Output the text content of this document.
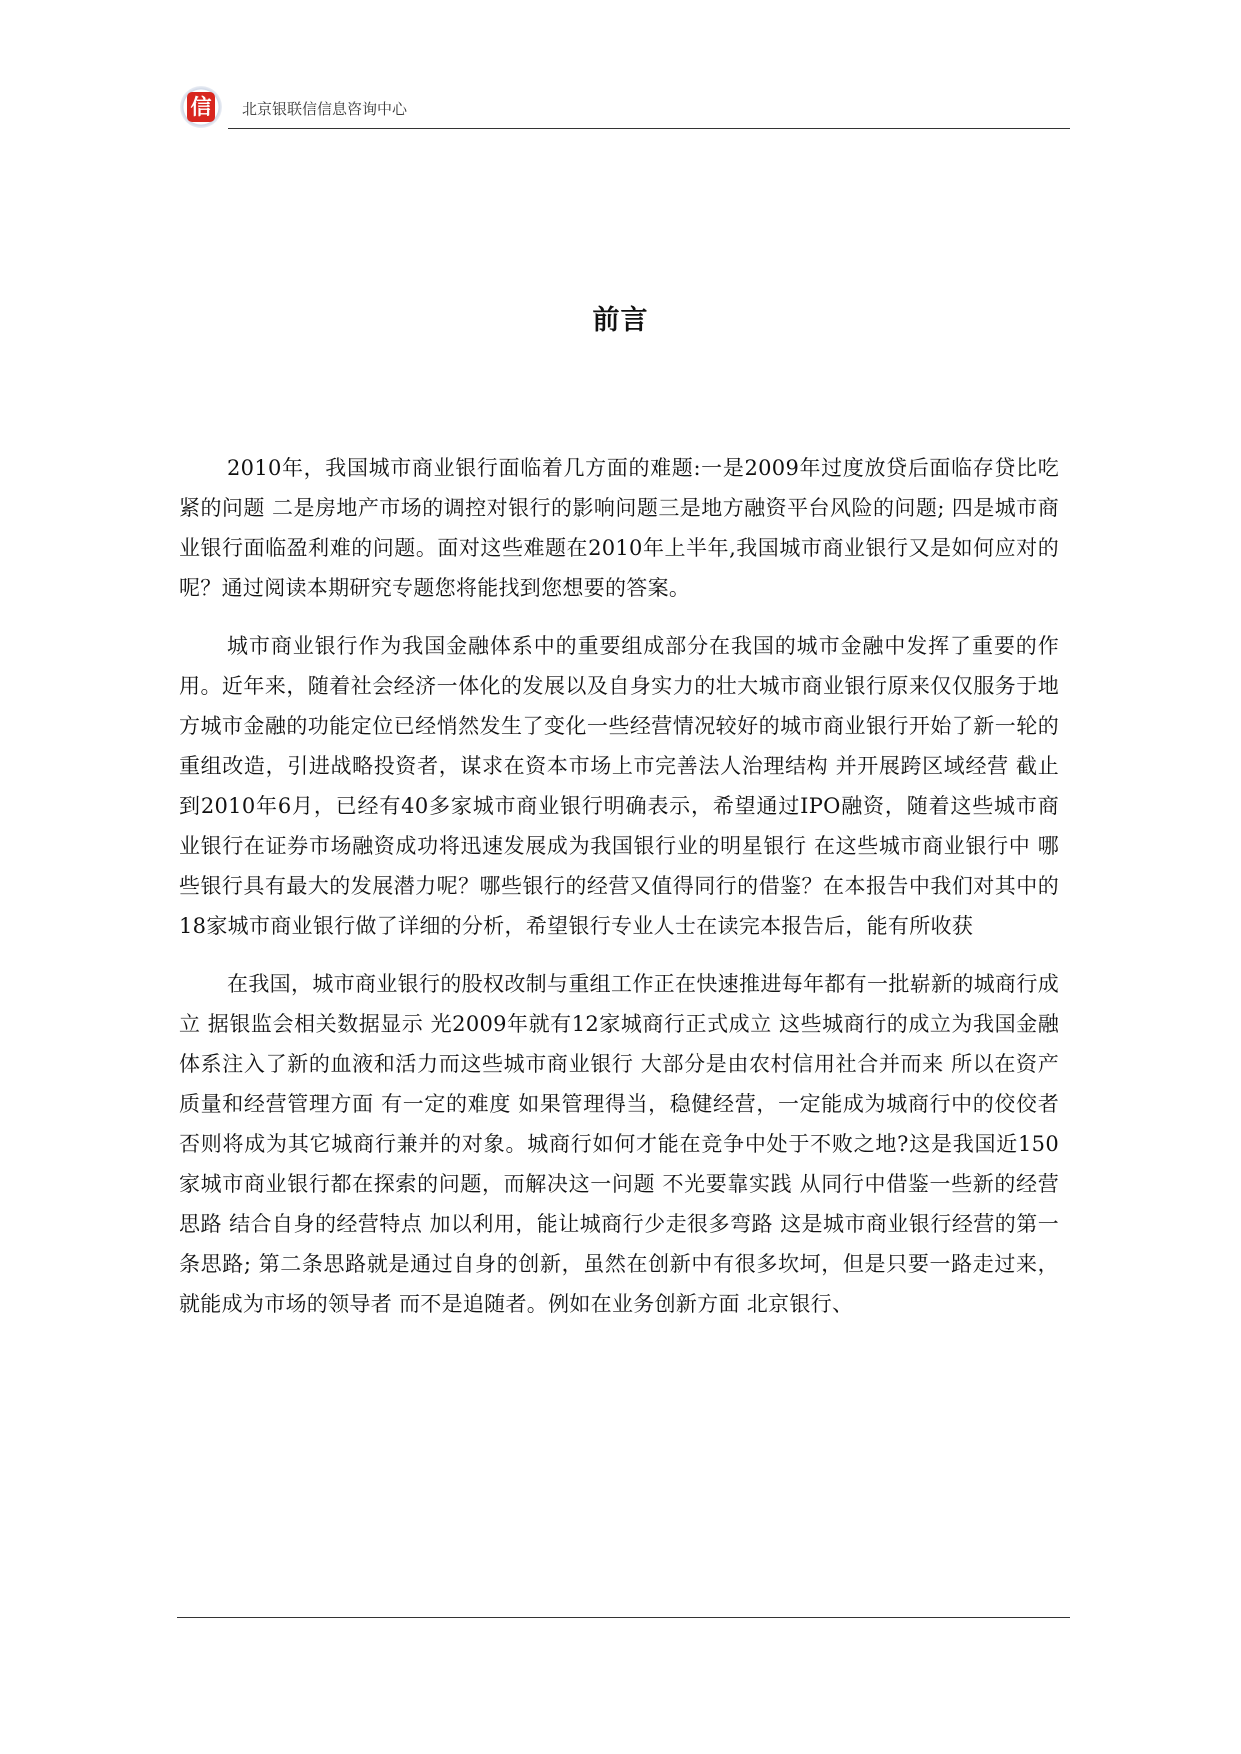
信 北京银联信信息咨询中心
前言

2010年，我国城市商业银行面临着几方面的难题:一是2009年过度放贷后面临存贷比吃紧的问题 二是房地产市场的调控对银行的影响问题三是地方融资平台风险的问题; 四是城市商业银行面临盈利难的问题。面对这些难题在2010年上半年,我国城市商业银行又是如何应对的呢？通过阅读本期研究专题您将能找到您想要的答案。

城市商业银行作为我国金融体系中的重要组成部分在我国的城市金融中发挥了重要的作用。近年来，随着社会经济一体化的发展以及自身实力的壮大城市商业银行原来仅仅服务于地方城市金融的功能定位已经悄然发生了变化一些经营情况较好的城市商业银行开始了新一轮的重组改造，引进战略投资者，谋求在资本市场上市完善法人治理结构 并开展跨区域经营 截止到2010年6月，已经有40多家城市商业银行明确表示，希望通过IPO融资，随着这些城市商业银行在证券市场融资成功将迅速发展成为我国银行业的明星银行 在这些城市商业银行中 哪些银行具有最大的发展潜力呢？哪些银行的经营又值得同行的借鉴？在本报告中我们对其中的18家城市商业银行做了详细的分析，希望银行专业人士在读完本报告后，能有所收获

在我国，城市商业银行的股权改制与重组工作正在快速推进每年都有一批崭新的城商行成立 据银监会相关数据显示 光2009年就有12家城商行正式成立 这些城商行的成立为我国金融体系注入了新的血液和活力而这些城市商业银行 大部分是由农村信用社合并而来 所以在资产质量和经营管理方面 有一定的难度 如果管理得当，稳健经营，一定能成为城商行中的佼佼者 否则将成为其它城商行兼并的对象。城商行如何才能在竞争中处于不败之地?这是我国近150家城市商业银行都在探索的问题，而解决这一问题 不光要靠实践 从同行中借鉴一些新的经营思路 结合自身的经营特点 加以利用，能让城商行少走很多弯路 这是城市商业银行经营的第一条思路; 第二条思路就是通过自身的创新，虽然在创新中有很多坎坷，但是只要一路走过来，就能成为市场的领导者 而不是追随者。例如在业务创新方面 北京银行、
